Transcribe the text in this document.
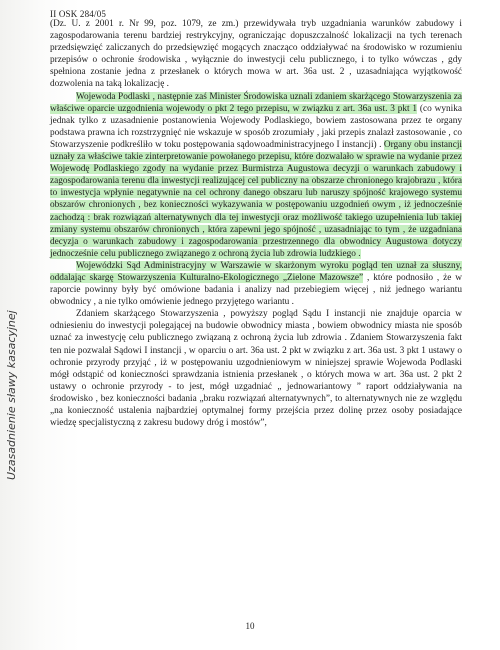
II OSK 284/05

(Dz. U. z 2001 r. Nr 99, poz. 1079, ze zm.) przewidywała tryb uzgadniania warunków zabudowy i zagospodarowania terenu bardziej restrykcyjny, ograniczając dopuszczalność lokalizacji na tych terenach przedsięwzięć zaliczanych do przedsięwzięć mogących znacząco oddziaływać na środowisko w rozumieniu przepisów o ochronie środowiska , wyłącznie do inwestycji celu publicznego, i to tylko wówczas , gdy spełniona zostanie jedna z przesłanek o których mowa w art. 36a ust. 2 , uzasadniająca wyjątkowość dozwolenia na taką lokalizację .

Wojewoda Podlaski , następnie zaś Minister Środowiska uznali zdaniem skarżącego Stowarzyszenia za właściwe oparcie uzgodnienia wojewody o pkt 2 tego przepisu, w związku z art. 36a ust. 3 pkt 1 (co wynika jednak tylko z uzasadnienie postanowienia Wojewody Podlaskiego, bowiem zastosowana przez te organy podstawa prawna ich rozstrzygnięć nie wskazuje w sposób zrozumiały , jaki przepis znalazł zastosowanie , co Stowarzyszenie podkreśliło w toku postępowania sądowoadministracyjnego I instancji) . Organy obu instancji uznały za właściwe takie zinterpretowanie powołanego przepisu, które dozwalało w sprawie na wydanie przez Wojewodę Podlaskiego zgody na wydanie przez Burmistrza Augustowa decyzji o warunkach zabudowy i zagospodarowania terenu dla inwestycji realizującej cel publiczny na obszarze chronionego krajobrazu , która to inwestycja wpłynie negatywnie na cel ochrony danego obszaru lub naruszy spójność krajowego systemu obszarów chronionych , bez konieczności wykazywania w postępowaniu uzgodnień owym , iż jednocześnie zachodzą : brak rozwiązań alternatywnych dla tej inwestycji oraz możliwość takiego uzupełnienia lub takiej zmiany systemu obszarów chronionych , która zapewni jego spójność , uzasadniając to tym , że uzgadniana decyzja o warunkach zabudowy i zagospodarowania przestrzennego dla obwodnicy Augustowa dotyczy jednocześnie celu publicznego związanego z ochroną życia lub zdrowia ludzkiego .

Wojewódzki Sąd Administracyjny w Warszawie w skarżonym wyroku pogląd ten uznał za słuszny, oddalając skargę Stowarzyszenia Kulturalno-Ekologicznego „Zielone Mazowsze” , które podnosiło , że w raporcie powinny były być omówione badania i analizy nad przebiegiem więcej , niż jednego wariantu obwodnicy , a nie tylko omówienie jednego przyjętego wariantu .

Zdaniem skarżącego Stowarzyszenia , powyższy pogląd Sądu I instancji nie znajduje oparcia w odniesieniu do inwestycji polegającej na budowie obwodnicy miasta , bowiem obwodnicy miasta nie sposób uznać za inwestycję celu publicznego związaną z ochroną życia lub zdrowia . Zdaniem Stowarzyszenia fakt ten nie pozwalał Sądowi I instancji , w oparciu o art. 36a ust. 2 pkt w związku z art. 36a ust. 3 pkt 1 ustawy o ochronie przyrody przyjąć , iż w postępowaniu uzgodnieniowym w niniejszej sprawie Wojewoda Podlaski mógł odstąpić od konieczności sprawdzania istnienia przesłanek , o których mowa w art. 36a ust. 2 pkt 2 ustawy o ochronie przyrody - to jest, mógł uzgadniać „ jednowariantowy ” raport oddziaływania na środowisko , bez konieczności badania „braku rozwiązań alternatywnych”, to alternatywnych nie ze względu „na konieczność ustalenia najbardziej optymalnej formy przejścia przez dolinę przez osoby posiadające wiedzę specjalistyczną z zakresu budowy dróg i mostów”,

Uzasadnienie sławy kasacyjnej
10
